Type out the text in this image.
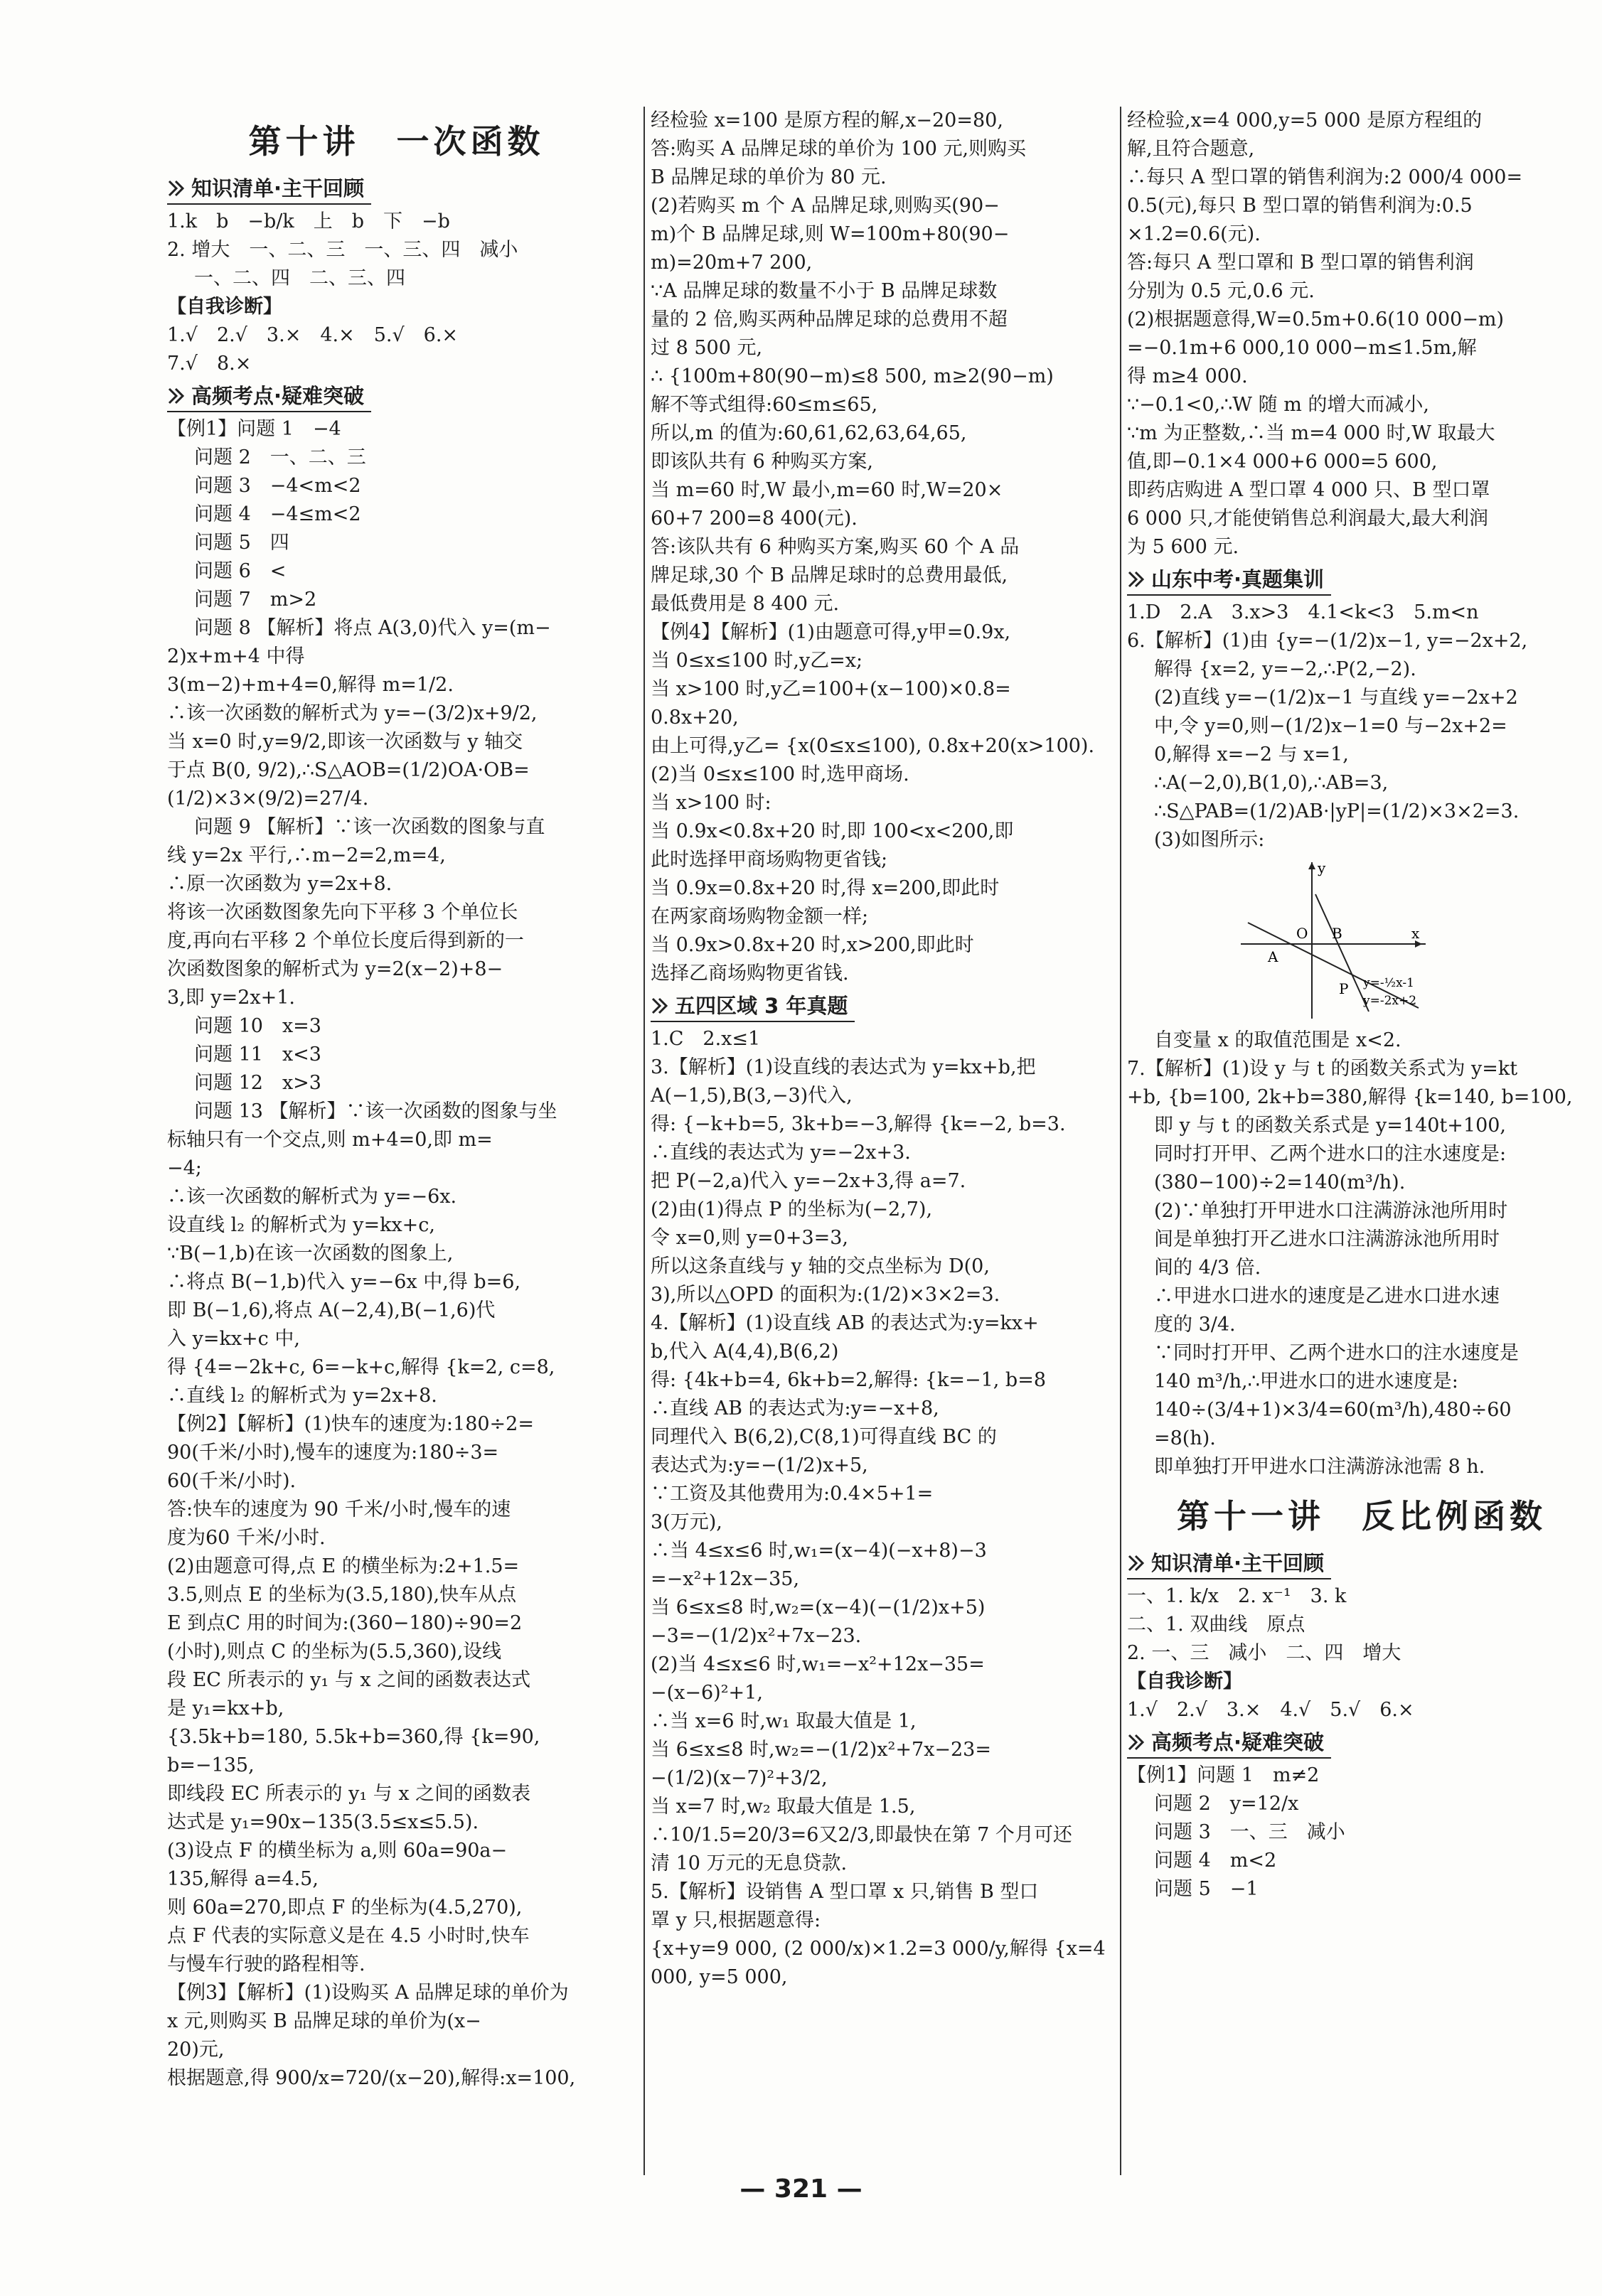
第十讲　一次函数
知识清单·主干回顾

1.k　b　−b/k　上　b　下　−b

2. 增大　一、二、三　一、三、四　减小

一、二、四　二、三、四

【自我诊断】

1.√　2.√　3.×　4.×　5.√　6.×

7.√　8.×

高频考点·疑难突破

【例1】问题 1　−4

问题 2　一、二、三

问题 3　−4<m<2

问题 4　−4≤m<2

问题 5　四

问题 6　<

问题 7　m>2

问题 8 【解析】将点 A(3,0)代入 y=(m−

2)x+m+4 中得

3(m−2)+m+4=0,解得 m=1/2.

∴该一次函数的解析式为 y=−(3/2)x+9/2,

当 x=0 时,y=9/2,即该一次函数与 y 轴交

于点 B(0, 9/2),∴S△AOB=(1/2)OA·OB=

(1/2)×3×(9/2)=27/4.

问题 9 【解析】∵该一次函数的图象与直

线 y=2x 平行,∴m−2=2,m=4,

∴原一次函数为 y=2x+8.

将该一次函数图象先向下平移 3 个单位长

度,再向右平移 2 个单位长度后得到新的一

次函数图象的解析式为 y=2(x−2)+8−

3,即 y=2x+1.

问题 10　x=3

问题 11　x<3

问题 12　x>3

问题 13 【解析】∵该一次函数的图象与坐

标轴只有一个交点,则 m+4=0,即 m=

−4;

∴该一次函数的解析式为 y=−6x.

设直线 l₂ 的解析式为 y=kx+c,

∵B(−1,b)在该一次函数的图象上,

∴将点 B(−1,b)代入 y=−6x 中,得 b=6,

即 B(−1,6),将点 A(−2,4),B(−1,6)代

入 y=kx+c 中,

得 {4=−2k+c, 6=−k+c,解得 {k=2, c=8,

∴直线 l₂ 的解析式为 y=2x+8.

【例2】【解析】(1)快车的速度为:180÷2=

90(千米/小时),慢车的速度为:180÷3=

60(千米/小时).

答:快车的速度为 90 千米/小时,慢车的速

度为60 千米/小时.

(2)由题意可得,点 E 的横坐标为:2+1.5=

3.5,则点 E 的坐标为(3.5,180),快车从点

E 到点C 用的时间为:(360−180)÷90=2

(小时),则点 C 的坐标为(5.5,360),设线

段 EC 所表示的 y₁ 与 x 之间的函数表达式

是 y₁=kx+b,

{3.5k+b=180, 5.5k+b=360,得 {k=90, b=−135,

即线段 EC 所表示的 y₁ 与 x 之间的函数表

达式是 y₁=90x−135(3.5≤x≤5.5).

(3)设点 F 的横坐标为 a,则 60a=90a−

135,解得 a=4.5,

则 60a=270,即点 F 的坐标为(4.5,270),

点 F 代表的实际意义是在 4.5 小时时,快车

与慢车行驶的路程相等.

【例3】【解析】(1)设购买 A 品牌足球的单价为

x 元,则购买 B 品牌足球的单价为(x−

20)元,

根据题意,得 900/x=720/(x−20),解得:x=100,

经检验 x=100 是原方程的解,x−20=80,

答:购买 A 品牌足球的单价为 100 元,则购买

B 品牌足球的单价为 80 元.

(2)若购买 m 个 A 品牌足球,则购买(90−

m)个 B 品牌足球,则 W=100m+80(90−

m)=20m+7 200,

∵A 品牌足球的数量不小于 B 品牌足球数

量的 2 倍,购买两种品牌足球的总费用不超

过 8 500 元,

∴ {100m+80(90−m)≤8 500, m≥2(90−m)

解不等式组得:60≤m≤65,

所以,m 的值为:60,61,62,63,64,65,

即该队共有 6 种购买方案,

当 m=60 时,W 最小,m=60 时,W=20×

60+7 200=8 400(元).

答:该队共有 6 种购买方案,购买 60 个 A 品

牌足球,30 个 B 品牌足球时的总费用最低,

最低费用是 8 400 元.

【例4】【解析】(1)由题意可得,y甲=0.9x,

当 0≤x≤100 时,y乙=x;

当 x>100 时,y乙=100+(x−100)×0.8=

0.8x+20,

由上可得,y乙= {x(0≤x≤100), 0.8x+20(x>100).

(2)当 0≤x≤100 时,选甲商场.

当 x>100 时:

当 0.9x<0.8x+20 时,即 100<x<200,即

此时选择甲商场购物更省钱;

当 0.9x=0.8x+20 时,得 x=200,即此时

在两家商场购物金额一样;

当 0.9x>0.8x+20 时,x>200,即此时

选择乙商场购物更省钱.

五四区域 3 年真题

1.C　2.x≤1

3.【解析】(1)设直线的表达式为 y=kx+b,把

A(−1,5),B(3,−3)代入,

得: {−k+b=5, 3k+b=−3,解得 {k=−2, b=3.

∴直线的表达式为 y=−2x+3.

把 P(−2,a)代入 y=−2x+3,得 a=7.

(2)由(1)得点 P 的坐标为(−2,7),

令 x=0,则 y=0+3=3,

所以这条直线与 y 轴的交点坐标为 D(0,

3),所以△OPD 的面积为:(1/2)×3×2=3.

4.【解析】(1)设直线 AB 的表达式为:y=kx+

b,代入 A(4,4),B(6,2)

得: {4k+b=4, 6k+b=2,解得: {k=−1, b=8

∴直线 AB 的表达式为:y=−x+8,

同理代入 B(6,2),C(8,1)可得直线 BC 的

表达式为:y=−(1/2)x+5,

∵工资及其他费用为:0.4×5+1=

3(万元),

∴当 4≤x≤6 时,w₁=(x−4)(−x+8)−3

=−x²+12x−35,

当 6≤x≤8 时,w₂=(x−4)(−(1/2)x+5)

−3=−(1/2)x²+7x−23.

(2)当 4≤x≤6 时,w₁=−x²+12x−35=

−(x−6)²+1,

∴当 x=6 时,w₁ 取最大值是 1,

当 6≤x≤8 时,w₂=−(1/2)x²+7x−23=

−(1/2)(x−7)²+3/2,

当 x=7 时,w₂ 取最大值是 1.5,

∴10/1.5=20/3=6又2/3,即最快在第 7 个月可还

清 10 万元的无息贷款.

5.【解析】设销售 A 型口罩 x 只,销售 B 型口

罩 y 只,根据题意得:

{x+y=9 000, (2 000/x)×1.2=3 000/y,解得 {x=4 000, y=5 000,

经检验,x=4 000,y=5 000 是原方程组的

解,且符合题意,

∴每只 A 型口罩的销售利润为:2 000/4 000=

0.5(元),每只 B 型口罩的销售利润为:0.5

×1.2=0.6(元).

答:每只 A 型口罩和 B 型口罩的销售利润

分别为 0.5 元,0.6 元.

(2)根据题意得,W=0.5m+0.6(10 000−m)

=−0.1m+6 000,10 000−m≤1.5m,解

得 m≥4 000.

∵−0.1<0,∴W 随 m 的增大而减小,

∵m 为正整数,∴当 m=4 000 时,W 取最大

值,即−0.1×4 000+6 000=5 600,

即药店购进 A 型口罩 4 000 只、B 型口罩

6 000 只,才能使销售总利润最大,最大利润

为 5 600 元.

山东中考·真题集训

1.D　2.A　3.x>3　4.1<k<3　5.m<n

6.【解析】(1)由 {y=−(1/2)x−1, y=−2x+2,

解得 {x=2, y=−2,∴P(2,−2).

(2)直线 y=−(1/2)x−1 与直线 y=−2x+2

中,令 y=0,则−(1/2)x−1=0 与−2x+2=

0,解得 x=−2 与 x=1,

∴A(−2,0),B(1,0),∴AB=3,

∴S△PAB=(1/2)AB·|yP|=(1/2)×3×2=3.

(3)如图所示:

y
x
O
A
B
P y=-½x-1
y=-2x+2

自变量 x 的取值范围是 x<2.

7.【解析】(1)设 y 与 t 的函数关系式为 y=kt

+b, {b=100, 2k+b=380,解得 {k=140, b=100,

即 y 与 t 的函数关系式是 y=140t+100,

同时打开甲、乙两个进水口的注水速度是:

(380−100)÷2=140(m³/h).

(2)∵单独打开甲进水口注满游泳池所用时

间是单独打开乙进水口注满游泳池所用时

间的 4/3 倍.

∴甲进水口进水的速度是乙进水口进水速

度的 3/4.

∵同时打开甲、乙两个进水口的注水速度是

140 m³/h,∴甲进水口的进水速度是:

140÷(3/4+1)×3/4=60(m³/h),480÷60

=8(h).

即单独打开甲进水口注满游泳池需 8 h.

第十一讲　反比例函数
知识清单·主干回顾

一、1. k/x　2. x⁻¹　3. k

二、1. 双曲线　原点

2. 一、三　减小　二、四　增大

【自我诊断】

1.√　2.√　3.×　4.√　5.√　6.×

高频考点·疑难突破

【例1】问题 1　m≠2

问题 2　y=12/x

问题 3　一、三　减小

问题 4　m<2

问题 5　−1

— 321 —
